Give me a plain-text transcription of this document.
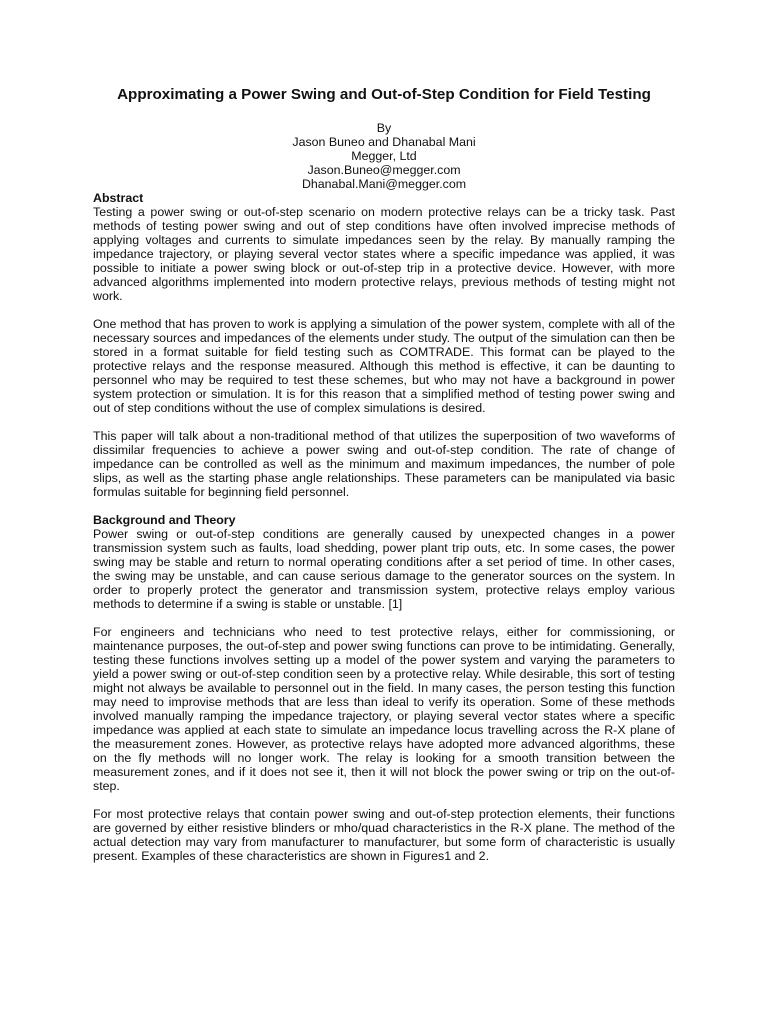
Approximating a Power Swing and Out-of-Step Condition for Field Testing
By
Jason Buneo and Dhanabal Mani
Megger, Ltd
Jason.Buneo@megger.com
Dhanabal.Mani@megger.com
Abstract

Testing a power swing or out-of-step scenario on modern protective relays can be a tricky task. Past methods of testing power swing and out of step conditions have often involved imprecise methods of applying voltages and currents to simulate impedances seen by the relay. By manually ramping the impedance trajectory, or playing several vector states where a specific impedance was applied, it was possible to initiate a power swing block or out-of-step trip in a protective device. However, with more advanced algorithms implemented into modern protective relays, previous methods of testing might not work.

One method that has proven to work is applying a simulation of the power system, complete with all of the necessary sources and impedances of the elements under study. The output of the simulation can then be stored in a format suitable for field testing such as COMTRADE. This format can be played to the protective relays and the response measured. Although this method is effective, it can be daunting to personnel who may be required to test these schemes, but who may not have a background in power system protection or simulation. It is for this reason that a simplified method of testing power swing and out of step conditions without the use of complex simulations is desired.

This paper will talk about a non-traditional method of that utilizes the superposition of two waveforms of dissimilar frequencies to achieve a power swing and out-of-step condition. The rate of change of impedance can be controlled as well as the minimum and maximum impedances, the number of pole slips, as well as the starting phase angle relationships. These parameters can be manipulated via basic formulas suitable for beginning field personnel.

Background and Theory

Power swing or out-of-step conditions are generally caused by unexpected changes in a power transmission system such as faults, load shedding, power plant trip outs, etc. In some cases, the power swing may be stable and return to normal operating conditions after a set period of time. In other cases, the swing may be unstable, and can cause serious damage to the generator sources on the system. In order to properly protect the generator and transmission system, protective relays employ various methods to determine if a swing is stable or unstable. [1]

For engineers and technicians who need to test protective relays, either for commissioning, or maintenance purposes, the out-of-step and power swing functions can prove to be intimidating. Generally, testing these functions involves setting up a model of the power system and varying the parameters to yield a power swing or out-of-step condition seen by a protective relay. While desirable, this sort of testing might not always be available to personnel out in the field. In many cases, the person testing this function may need to improvise methods that are less than ideal to verify its operation. Some of these methods involved manually ramping the impedance trajectory, or playing several vector states where a specific impedance was applied at each state to simulate an impedance locus travelling across the R-X plane of the measurement zones. However, as protective relays have adopted more advanced algorithms, these on the fly methods will no longer work. The relay is looking for a smooth transition between the measurement zones, and if it does not see it, then it will not block the power swing or trip on the out-of-step.

For most protective relays that contain power swing and out-of-step protection elements, their functions are governed by either resistive blinders or mho/quad characteristics in the R-X plane. The method of the actual detection may vary from manufacturer to manufacturer, but some form of characteristic is usually present. Examples of these characteristics are shown in Figures1 and 2.
